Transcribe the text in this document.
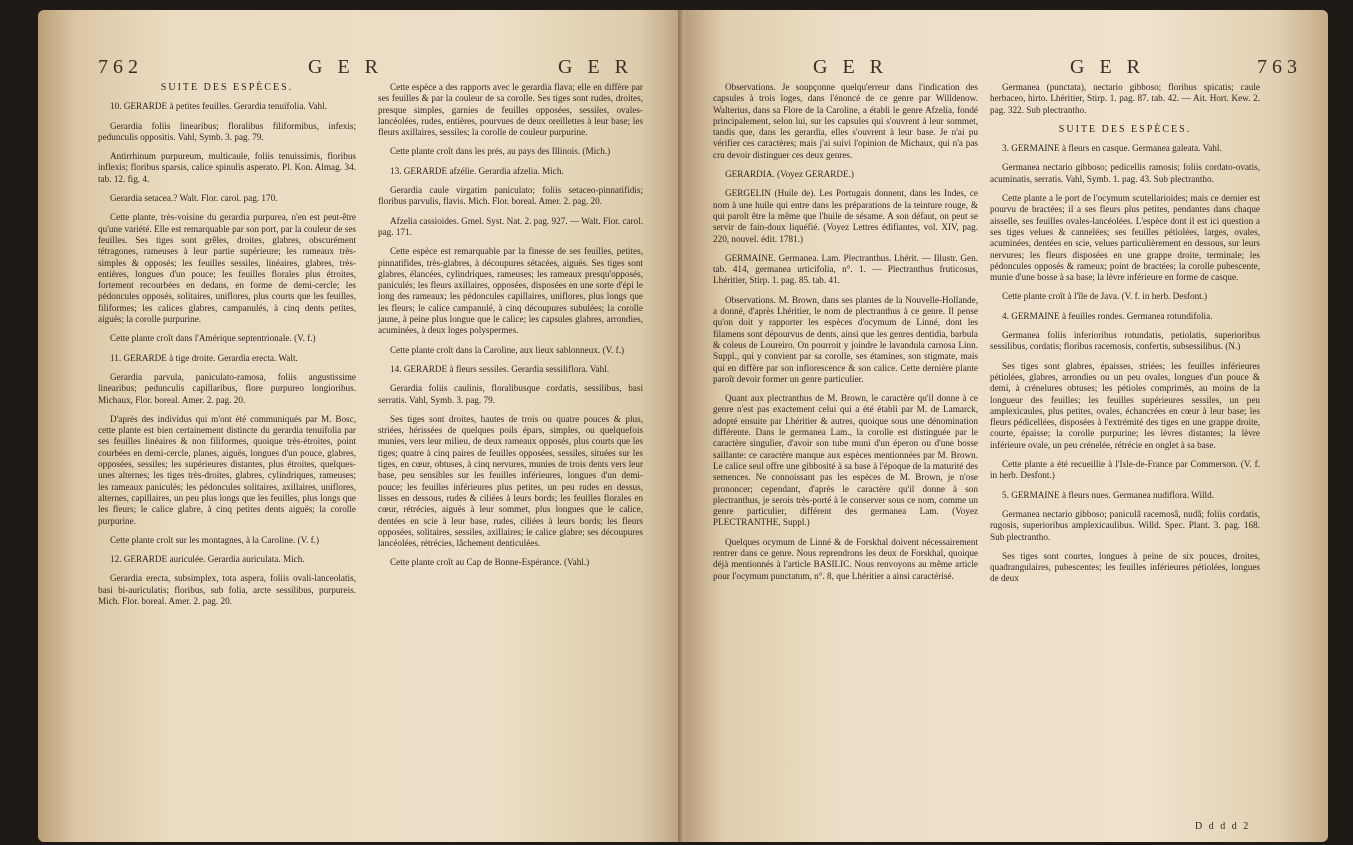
762	G E R	G E R

SUITE DES ESPÈCES.

10. GERARDE à petites feuilles. Gerardia tenuifolia. Vahl.

Gerardia foliis linearibus; floralibus filiformibus, infexis; pedunculis oppositis. Vahl, Symb. 3. pag. 79.

Antirrhinum purpureum, multicaule, foliis tenuissimis, floribus inflexis; floribus sparsis, calice spinulis asperato. Pl. Kon. Almag. 34. tab. 12. fig. 4.

Gerardia setacea.? Walt. Flor. carol. pag. 170.

Cette plante, très-voisine du gerardia purpurea, n'en est peut-être qu'une variété. Elle est remarquable par son port, par la couleur de ses feuilles. Ses tiges sont grêles, droites, glabres, obscurément tétragones, rameuses à leur partie supérieure; les rameaux très-simples & opposés; les feuilles sessiles, linéaires, glabres, très-entières, longues d'un pouce; les feuilles florales plus étroites, fortement recourbées en dedans, en forme de demi-cercle; les pédoncules opposés, solitaires, uniflores, plus courts que les feuilles, filiformes; les calices glabres, campanulés, à cinq dents petites, aiguës; la corolle purpurine.

Cette plante croît dans l'Amérique septentrionale. (V. f.)

11. GERARDE à tige droite. Gerardia erecta. Walt.

Gerardia parvula, paniculato-ramosa, foliis angustissime linearibus; pedunculis capillaribus, flore purpureo longioribus. Michaux, Flor. boreal. Amer. 2. pag. 20.

D'après des individus qui m'ont été communiqués par M. Bosc, cette plante est bien certainement distincte du gerardia tenuifolia par ses feuilles linéaires & non filiformes, quoique très-étroites, point courbées en demi-cercle, planes, aiguës, longues d'un pouce, glabres, opposées, sessiles; les supérieures distantes, plus étroites, quelques-unes alternes; les tiges très-droites, glabres, cylindriques, rameuses; les rameaux paniculés; les pédoncules solitaires, axillaires, uniflores, alternes, capillaires, un peu plus longs que les feuilles, plus longs que les fleurs; le calice glabre, à cinq petites dents aiguës; la corolle purpurine.

Cette plante croît sur les montagnes, à la Caroline. (V. f.)

12. GERARDE auriculée. Gerardia auriculata. Mich.

Gerardia erecta, subsimplex, tota aspera, foliis ovali-lanceolatis, basi bi-auriculatis; floribus, sub folia, arcte sessilibus, purpureis. Mich. Flor. boreal. Amer. 2. pag. 20.

Cette espèce a des rapports avec le gerardia flava; elle en diffère par ses feuilles & par la couleur de sa corolle. Ses tiges sont rudes, droites, presque simples, garnies de feuilles opposées, sessiles, ovales-lancéolées, rudes, entières, pourvues de deux oreillettes à leur base; les fleurs axillaires, sessiles; la corolle de couleur purpurine.

Cette plante croît dans les prés, au pays des Illinois. (Mich.)

13. GERARDE afzélie. Gerardia afzelia. Mich.

Gerardia caule virgatim paniculato; foliis setaceo-pinnatifidis; floribus parvulis, flavis. Mich. Flor. boreal. Amer. 2. pag. 20.

Afzelia cassioides. Gmel. Syst. Nat. 2. pag. 927. — Walt. Flor. carol. pag. 171.

Cette espèce est remarquable par la finesse de ses feuilles, petites, pinnatifides, très-glabres, à découpures sétacées, aiguës. Ses tiges sont glabres, élancées, cylindriques, rameuses; les rameaux presqu'opposés, paniculés; les fleurs axillaires, opposées, disposées en une sorte d'épi le long des rameaux; les pédoncules capillaires, uniflores, plus longs que les fleurs; le calice campanulé, à cinq découpures subulées; la corolle jaune, à peine plus longue que le calice; les capsules glabres, arrondies, acuminées, à deux loges polyspermes.

Cette plante croît dans la Caroline, aux lieux sablonneux. (V. f.)

14. GERARDE à fleurs sessiles. Gerardia sessiliflora. Vahl.

Gerardia foliis caulinis, floralibusque cordatis, sessilibus, basi serratis. Vahl, Symb. 3. pag. 79.

Ses tiges sont droites, hautes de trois ou quatre pouces & plus, striées, hérissées de quelques poils épars, simples, ou quelquefois munies, vers leur milieu, de deux rameaux opposés, plus courts que les tiges; quatre à cinq paires de feuilles opposées, sessiles, situées sur les tiges, en cœur, obtuses, à cinq nervures, munies de trois dents vers leur base, peu sensibles sur les feuilles inférieures, longues d'un demi-pouce; les feuilles inférieures plus petites, un peu rudes en dessus, lisses en dessous, rudes & ciliées à leurs bords; les feuilles florales en cœur, rétrécies, aiguës à leur sommet, plus longues que le calice, dentées en scie à leur base, rudes, ciliées à leurs bords; les fleurs opposées, solitaires, sessiles, axillaires; le calice glabre; ses découpures lancéolées, rétrécies, lâchement denticulées.

Cette plante croît au Cap de Bonne-Espérance. (Vahl.)

G E R	G E R	763

Observations. Je soupçonne quelqu'erreur dans l'indication des capsules à trois loges, dans l'énoncé de ce genre par Willdenow. Walterius, dans sa Flore de la Caroline, a établi le genre Afzelia, fondé principalement, selon lui, sur les capsules qui s'ouvrent à leur sommet, tandis que, dans les gerardia, elles s'ouvrent à leur base. Je n'ai pu vérifier ces caractères; mais j'ai suivi l'opinion de Michaux, qui n'a pas cru devoir distinguer ces deux genres.

GERARDIA. (Voyez GERARDE.)

GERGELIN (Huile de). Les Portugais donnent, dans les Indes, ce nom à une huile qui entre dans les préparations de la teinture rouge, & qui paroît être la même que l'huile de sésame. A son défaut, on peut se servir de fain-doux liquéfié. (Voyez Lettres édifiantes, vol. XIV, pag. 220, nouvel. édit. 1781.)

GERMAINE. Germanea. Lam. Plectranthus. Lhérit. — Illustr. Gen. tab. 414, germanea urticifolia, n°. 1. — Plectranthus fruticosus, Lhéritier, Stirp. 1. pag. 85. tab. 41.

Observations. M. Brown, dans ses plantes de la Nouvelle-Hollande, a donné, d'après Lhéritier, le nom de plectranthus à ce genre. Il pense qu'on doit y rapporter les espèces d'ocymum de Linné, dont les filamens sont dépourvus de dents, ainsi que les genres dentidia, barbula & coleus de Loureiro. On pourroit y joindre le lavandula carnosa Linn. Suppl., qui y convient par sa corolle, ses étamines, son stigmate, mais qui en diffère par son inflorescence & son calice. Cette dernière plante paroît devoir former un genre particulier.

Quant aux plectranthus de M. Brown, le caractère qu'il donne à ce genre n'est pas exactement celui qui a été établi par M. de Lamarck, adopté ensuite par Lhéritier & autres, quoique sous une dénomination différente. Dans le germanea Lam., la corolle est distinguée par le caractère singulier, d'avoir son tube muni d'un éperon ou d'une bosse saillante: ce caractère manque aux espèces mentionnées par M. Brown. Le calice seul offre une gibbosité à sa base à l'époque de la maturité des semences. Ne connoissant pas les espèces de M. Brown, je n'ose prononcer; cependant, d'après le caractère qu'il donne à son plectranthus, je serois très-porté à le conserver sous ce nom, comme un genre particulier, différent des germanea Lam. (Voyez PLECTRANTHE, Suppl.)

Quelques ocymum de Linné & de Forskhal doivent nécessairement rentrer dans ce genre. Nous reprendrons les deux de Forskhal, quoique déjà mentionnés à l'article BASILIC. Nous renvoyons au même article pour l'ocymum punctatum, n°. 8, que Lhéritier a ainsi caractérisé.

Germanea (punctata), nectario gibboso; floribus spicatis; caule herbaceo, hirto. Lhéritier, Stirp. 1. pag. 87. tab. 42. — Ait. Hort. Kew. 2. pag. 322. Sub plectrantho.

SUITE DES ESPÈCES.

3. GERMAINE à fleurs en casque. Germanea galeata. Vahl.

Germanea nectario gibboso; pedicellis ramosis; foliis cordato-ovatis, acuminatis, serratis. Vahl, Symb. 1. pag. 43. Sub plectrantho.

Cette plante a le port de l'ocymum scutellarioides; mais ce dernier est pourvu de bractées; il a ses fleurs plus petites, pendantes dans chaque aisselle, ses feuilles ovales-lancéolées. L'espèce dont il est ici question a ses tiges velues & cannelées; ses feuilles pétiolées, larges, ovales, acuminées, dentées en scie, velues particulièrement en dessous, sur leurs nervures; les fleurs disposées en une grappe droite, terminale; les pédoncules opposés & rameux; point de bractées; la corolle pubescente, munie d'une bosse à sa base; la lèvre inférieure en forme de casque.

Cette plante croît à l'île de Java. (V. f. in herb. Desfont.)

4. GERMAINE à feuilles rondes. Germanea rotundifolia.

Germanea foliis inferioribus rotundatis, petiolatis, superioribus sessilibus, cordatis; floribus racemosis, confertis, subsessilibus. (N.)

Ses tiges sont glabres, épaisses, striées; les feuilles inférieures pétiolées, glabres, arrondies ou un peu ovales, longues d'un pouce & demi, à crénelures obtuses; les pétioles comprimés, au moins de la longueur des feuilles; les feuilles supérieures sessiles, un peu amplexicaules, plus petites, ovales, échancrées en cœur à leur base; les fleurs pédicellées, disposées à l'extrémité des tiges en une grappe droite, courte, épaisse; la corolle purpurine; les lèvres distantes; la lèvre inférieure ovale, un peu crénelée, rétrécie en onglet à sa base.

Cette plante a été recueillie à l'Isle-de-France par Commerson. (V. f. in herb. Desfont.)

5. GERMAINE à fleurs nues. Germanea nudiflora. Willd.

Germanea nectario gibboso; paniculâ racemosâ, nudâ; foliis cordatis, rugosis, superioribus amplexicaulibus. Willd. Spec. Plant. 3. pag. 168. Sub plectrantho.

Ses tiges sont courtes, longues à peine de six pouces, droites, quadrangulaires, pubescentes; les feuilles inférieures pétiolées, longues de deux

D d d d 2
